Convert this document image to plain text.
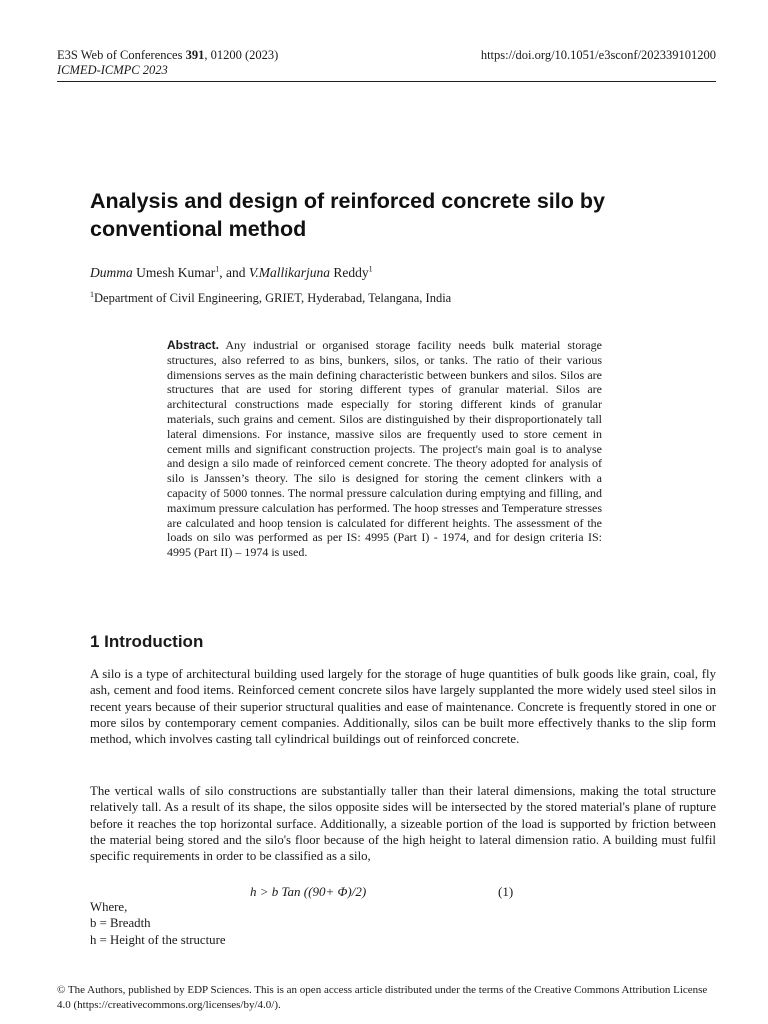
E3S Web of Conferences 391, 01200 (2023)
ICMED-ICMPC 2023
https://doi.org/10.1051/e3sconf/202339101200
Analysis and design of reinforced concrete silo by conventional method
Dumma Umesh Kumar$^1$, and V.Mallikarjuna Reddy$^1$
$^1$Department of Civil Engineering, GRIET, Hyderabad, Telangana, India
Abstract. Any industrial or organised storage facility needs bulk material storage structures, also referred to as bins, bunkers, silos, or tanks. The ratio of their various dimensions serves as the main defining characteristic between bunkers and silos. Silos are structures that are used for storing different types of granular material. Silos are architectural constructions made especially for storing different kinds of granular materials, such grains and cement. Silos are distinguished by their disproportionately tall lateral dimensions. For instance, massive silos are frequently used to store cement in cement mills and significant construction projects. The project's main goal is to analyse and design a silo made of reinforced cement concrete. The theory adopted for analysis of silo is Janssen’s theory. The silo is designed for storing the cement clinkers with a capacity of 5000 tonnes. The normal pressure calculation during emptying and filling, and maximum pressure calculation has performed. The hoop stresses and Temperature stresses are calculated and hoop tension is calculated for different heights. The assessment of the loads on silo was performed as per IS: 4995 (Part I) - 1974, and for design criteria IS: 4995 (Part II) – 1974 is used.
1 Introduction
A silo is a type of architectural building used largely for the storage of huge quantities of bulk goods like grain, coal, fly ash, cement and food items. Reinforced cement concrete silos have largely supplanted the more widely used steel silos in recent years because of their superior structural qualities and ease of maintenance. Concrete is frequently stored in one or more silos by contemporary cement companies. Additionally, silos can be built more effectively thanks to the slip form method, which involves casting tall cylindrical buildings out of reinforced concrete.
The vertical walls of silo constructions are substantially taller than their lateral dimensions, making the total structure relatively tall. As a result of its shape, the silos opposite sides will be intersected by the stored material's plane of rupture before it reaches the top horizontal surface. Additionally, a sizeable portion of the load is supported by friction between the material being stored and the silo's floor because of the high height to lateral dimension ratio. A building must fulfil specific requirements in order to be classified as a silo,
h > b Tan ((90+ Φ)/2)	(1)
Where,
b = Breadth
h = Height of the structure
© The Authors, published by EDP Sciences. This is an open access article distributed under the terms of the Creative Commons Attribution License 4.0 (https://creativecommons.org/licenses/by/4.0/).
